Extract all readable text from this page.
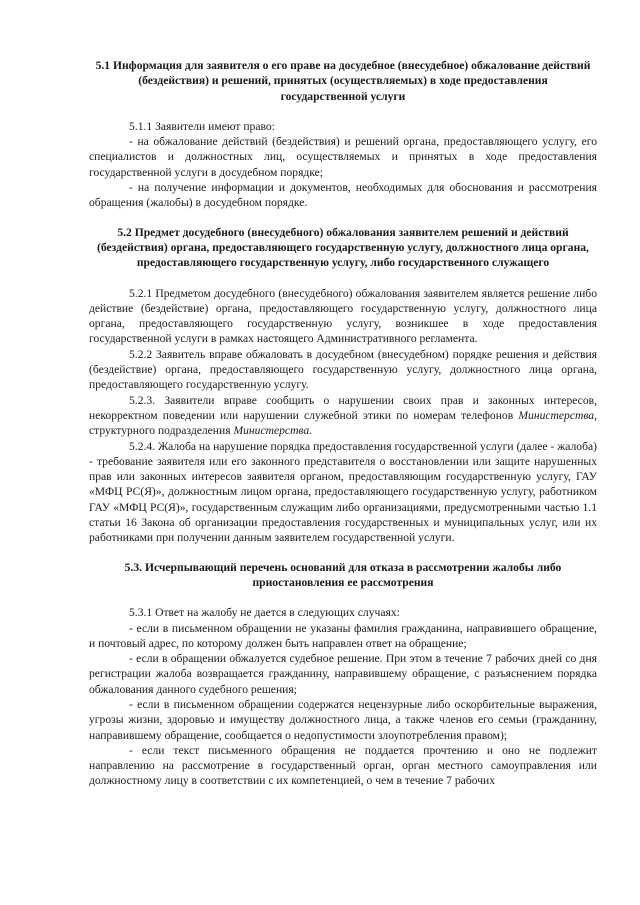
5.1 Информация для заявителя о его праве на досудебное (внесудебное) обжалование действий (бездействия) и решений, принятых (осуществляемых) в ходе предоставления государственной услуги

5.1.1 Заявители имеют право:

- на обжалование действий (бездействия) и решений органа, предоставляющего услугу, его специалистов и должностных лиц, осуществляемых и принятых в ходе предоставления государственной услуги в досудебном порядке;

- на получение информации и документов, необходимых для обоснования и рассмотрения обращения (жалобы) в досудебном порядке.

5.2 Предмет досудебного (внесудебного) обжалования заявителем решений и действий (бездействия) органа, предоставляющего государственную услугу, должностного лица органа, предоставляющего государственную услугу, либо государственного служащего

5.2.1 Предметом досудебного (внесудебного) обжалования заявителем является решение либо действие (бездействие) органа, предоставляющего государственную услугу, должностного лица органа, предоставляющего государственную услугу, возникшее в ходе предоставления государственной услуги в рамках настоящего Административного регламента.

5.2.2 Заявитель вправе обжаловать в досудебном (внесудебном) порядке решения и действия (бездействие) органа, предоставляющего государственную услугу, должностного лица органа, предоставляющего государственную услугу.

5.2.3. Заявители вправе сообщить о нарушении своих прав и законных интересов, некорректном поведении или нарушении служебной этики по номерам телефонов Министерства, структурного подразделения Министерства.

5.2.4. Жалоба на нарушение порядка предоставления государственной услуги (далее - жалоба) - требование заявителя или его законного представителя о восстановлении или защите нарушенных прав или законных интересов заявителя органом, предоставляющим государственную услугу, ГАУ «МФЦ РС(Я)», должностным лицом органа, предоставляющего государственную услугу, работником ГАУ «МФЦ РС(Я)», государственным служащим либо организациями, предусмотренными частью 1.1 статьи 16 Закона об организации предоставления государственных и муниципальных услуг, или их работниками при получении данным заявителем государственной услуги.

5.3. Исчерпывающий перечень оснований для отказа в рассмотрении жалобы либо приостановления ее рассмотрения

5.3.1 Ответ на жалобу не дается в следующих случаях:

- если в письменном обращении не указаны фамилия гражданина, направившего обращение, и почтовый адрес, по которому должен быть направлен ответ на обращение;

- если в обращении обжалуется судебное решение. При этом в течение 7 рабочих дней со дня регистрации жалоба возвращается гражданину, направившему обращение, с разъяснением порядка обжалования данного судебного решения;

- если в письменном обращении содержатся нецензурные либо оскорбительные выражения, угрозы жизни, здоровью и имуществу должностного лица, а также членов его семьи (гражданину, направившему обращение, сообщается о недопустимости злоупотребления правом);

- если текст письменного обращения не поддается прочтению и оно не подлежит направлению на рассмотрение в государственный орган, орган местного самоуправления или должностному лицу в соответствии с их компетенцией, о чем в течение 7 рабочих
